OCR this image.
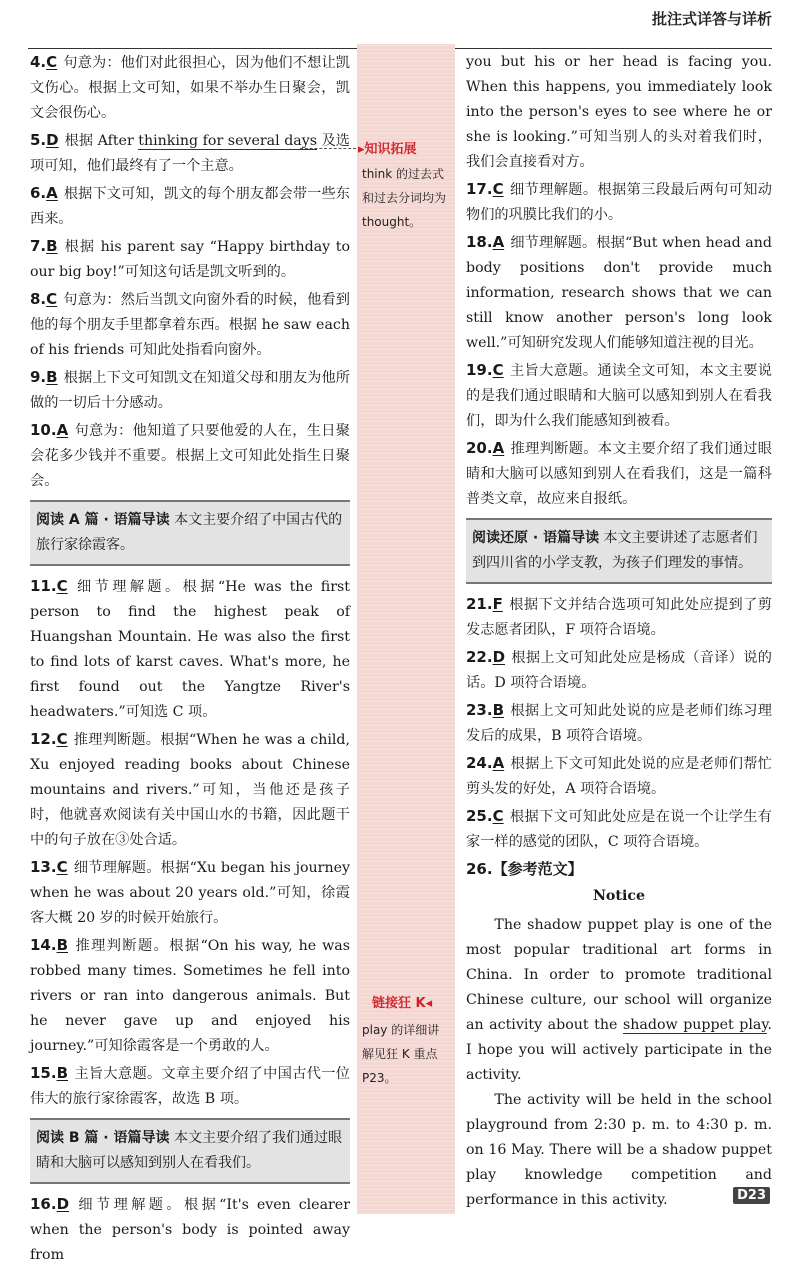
批注式详答与详析

4.C 句意为：他们对此很担心，因为他们不想让凯文伤心。根据上文可知，如果不举办生日聚会，凯文会很伤心。

5.D 根据 After thinking for several days 及选项可知，他们最终有了一个主意。

6.A 根据下文可知，凯文的每个朋友都会带一些东西来。

7.B 根据 his parent say “Happy birthday to our big boy!”可知这句话是凯文听到的。

8.C 句意为：然后当凯文向窗外看的时候，他看到他的每个朋友手里都拿着东西。根据 he saw each of his friends 可知此处指看向窗外。

9.B 根据上下文可知凯文在知道父母和朋友为他所做的一切后十分感动。

10.A 句意为：他知道了只要他爱的人在，生日聚会花多少钱并不重要。根据上文可知此处指生日聚会。

阅读 A 篇 · 语篇导读 本文主要介绍了中国古代的旅行家徐霞客。

11.C 细节理解题。根据“He was the first person to find the highest peak of Huangshan Mountain. He was also the first to find lots of karst caves. What's more, he first found out the Yangtze River's headwaters.”可知选 C 项。

12.C 推理判断题。根据“When he was a child, Xu enjoyed reading books about Chinese mountains and rivers.”可知，当他还是孩子时，他就喜欢阅读有关中国山水的书籍，因此题干中的句子放在③处合适。

13.C 细节理解题。根据“Xu began his journey when he was about 20 years old.”可知，徐霞客大概 20 岁的时候开始旅行。

14.B 推理判断题。根据“On his way, he was robbed many times. Sometimes he fell into rivers or ran into dangerous animals. But he never gave up and enjoyed his journey.”可知徐霞客是一个勇敢的人。

15.B 主旨大意题。文章主要介绍了中国古代一位伟大的旅行家徐霞客，故选 B 项。

阅读 B 篇 · 语篇导读 本文主要介绍了我们通过眼睛和大脑可以感知到别人在看我们。

16.D 细节理解题。根据“It's even clearer when the person's body is pointed away from

▸知识拓展
think 的过去式和过去分词均为 thought。
链接狂 K◂
play 的详细讲解见狂 K 重点 P23。

you but his or her head is facing you. When this happens, you immediately look into the person's eyes to see where he or she is looking.”可知当别人的头对着我们时，我们会直接看对方。

17.C 细节理解题。根据第三段最后两句可知动物们的巩膜比我们的小。

18.A 细节理解题。根据“But when head and body positions don't provide much information, research shows that we can still know another person's long look well.”可知研究发现人们能够知道注视的目光。

19.C 主旨大意题。通读全文可知，本文主要说的是我们通过眼睛和大脑可以感知到别人在看我们，即为什么我们能感知到被看。

20.A 推理判断题。本文主要介绍了我们通过眼睛和大脑可以感知到别人在看我们，这是一篇科普类文章，故应来自报纸。

阅读还原 · 语篇导读 本文主要讲述了志愿者们到四川省的小学支教，为孩子们理发的事情。

21.F 根据下文并结合选项可知此处应提到了剪发志愿者团队，F 项符合语境。

22.D 根据上文可知此处应是杨成（音译）说的话。D 项符合语境。

23.B 根据上文可知此处说的应是老师们练习理发后的成果，B 项符合语境。

24.A 根据上下文可知此处说的应是老师们帮忙剪头发的好处，A 项符合语境。

25.C 根据下文可知此处应是在说一个让学生有家一样的感觉的团队，C 项符合语境。

26.【参考范文】
Notice

The shadow puppet play is one of the most popular traditional art forms in China. In order to promote traditional Chinese culture, our school will organize an activity about the shadow puppet play. I hope you will actively participate in the activity.

The activity will be held in the school playground from 2:30 p. m. to 4:30 p. m. on 16 May. There will be a shadow puppet play knowledge competition and performance in this activity.	D23
